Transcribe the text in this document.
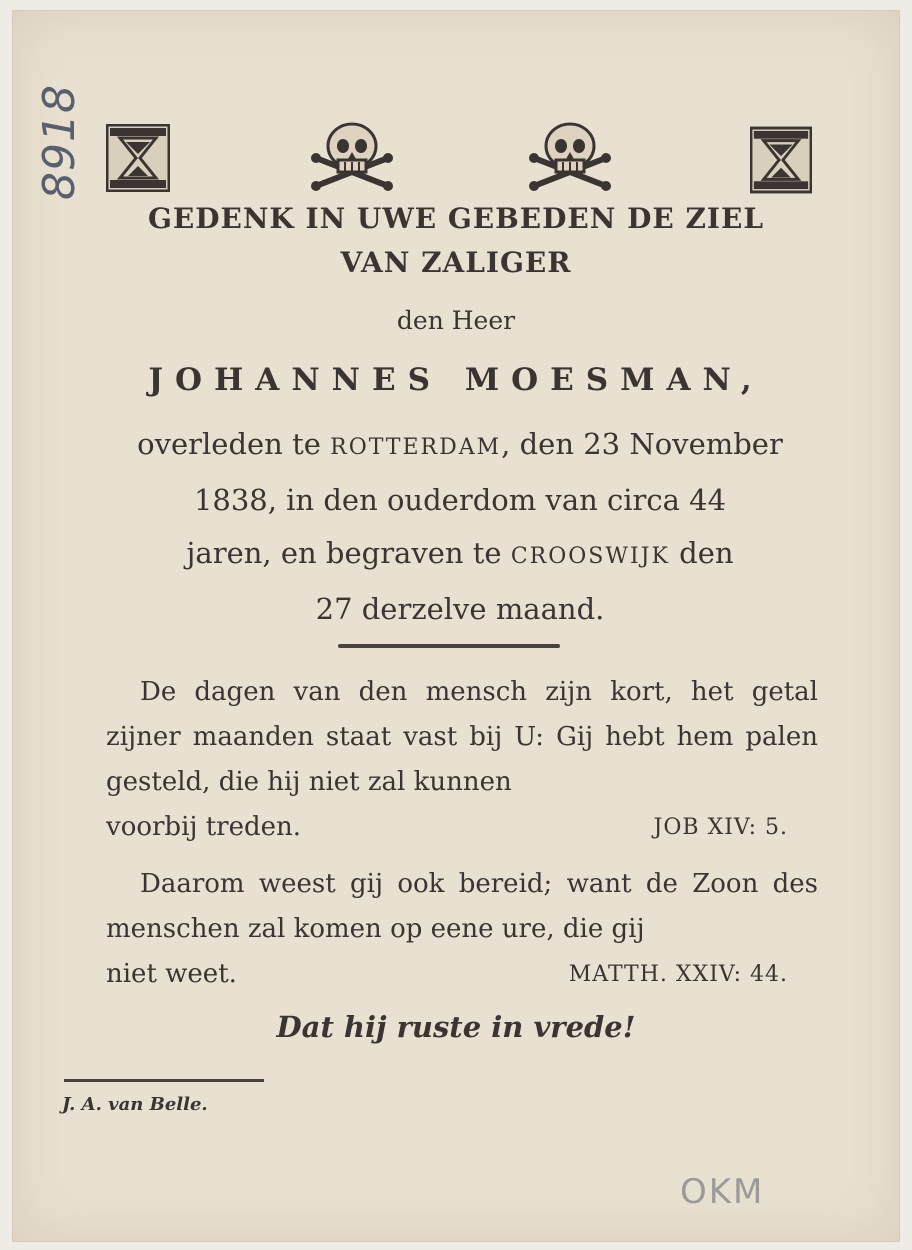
8918
GEDENK IN UWE GEBEDEN DE ZIEL
VAN ZALIGER
den Heer
JOHANNES MOESMAN,
overleden te ROTTERDAM, den 23 November
1838, in den ouderdom van circa 44
jaren, en begraven te CROOSWIJK den
27 derzelve maand.
De dagen van den mensch zijn kort, het getal zijner maanden staat vast bij U: Gij hebt hem palen gesteld, die hij niet zal kunnen
voorbij treden.	JOB XIV: 5.
Daarom weest gij ook bereid; want de Zoon des menschen zal komen op eene ure, die gij
niet weet.	MATTH. XXIV: 44.
Dat hij ruste in vrede!
J. A. van Belle.
OKM
